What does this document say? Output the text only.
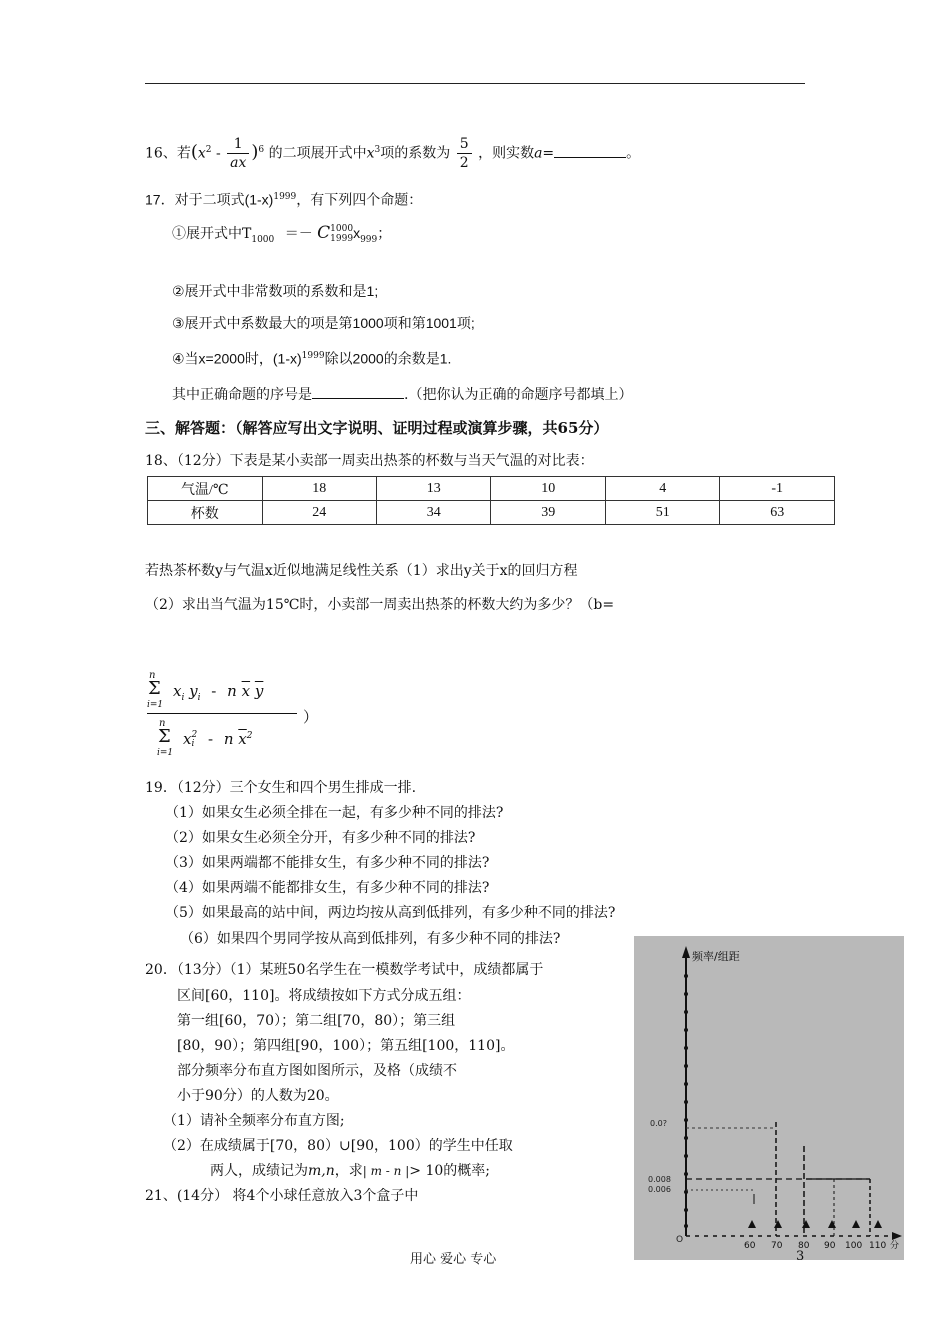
16、若$(x^2 - \frac{1}{ax} )^6$ 的二项展开式中$x^3$项的系数为 $\frac{5}{2}$ ，则实数a=	。
17．对于二项式$(1-x)^{1999}$，有下列四个命题：
①展开式中$T_{1000} =- C$ 1000
1999 $x_{999}$；
②展开式中非常数项的系数和是1;
③展开式中系数最大的项是第1000项和第1001项;
④当x=2000时，$(1-x)^{1999}$除以2000的余数是1.
其中正确命题的序号是	.（把你认为正确的命题序号都填上）
三、解答题：（解答应写出文字说明、证明过程或演算步骤，共65分）
18、（12分）下表是某小卖部一周卖出热茶的杯数与当天气温的对比表：
气温/℃	18	13	10	4	-1
杯数	24	34	39	51	63
若热茶杯数y与气温x近似地满足线性关系（1）求出y关于x的回归方程
（2）求出当气温为15℃时，小卖部一周卖出热茶的杯数大约为多少？（b=
n
Σ
i=1
$x_i$ $y_i$ - n $\overline{x}$ $\overline{y}$
n
Σ
i=1
x 2
i - n $\overline{x}^2$
）
19．（12分）三个女生和四个男生排成一排.
（1）如果女生必须全排在一起，有多少种不同的排法?
（2）如果女生必须全分开，有多少种不同的排法?
（3）如果两端都不能排女生，有多少种不同的排法?
（4）如果两端不能都排女生，有多少种不同的排法?
（5）如果最高的站中间，两边均按从高到低排列，有多少种不同的排法?
（6）如果四个男同学按从高到低排列，有多少种不同的排法?
20．（13分）（1）某班50名学生在一模数学考试中，成绩都属于
区间[60，110]。将成绩按如下方式分成五组：
第一组[60，70）；第二组[70，80）；第三组
[80，90）；第四组[90，100）；第五组[100，110]。
部分频率分布直方图如图所示，及格（成绩不
小于90分）的人数为20。
（1）请补全频率分布直方图;
（2）在成绩属于[70，80）∪[90，100）的学生中任取
两人，成绩记为m,n，求| m - n |> 10的概率;
21、(14分） 将4个小球任意放入3个盒子中
频率/组距
0.0?
0.008
0.006
O
60 70 80 90 100 110 分
用心 爱心 专心	3
